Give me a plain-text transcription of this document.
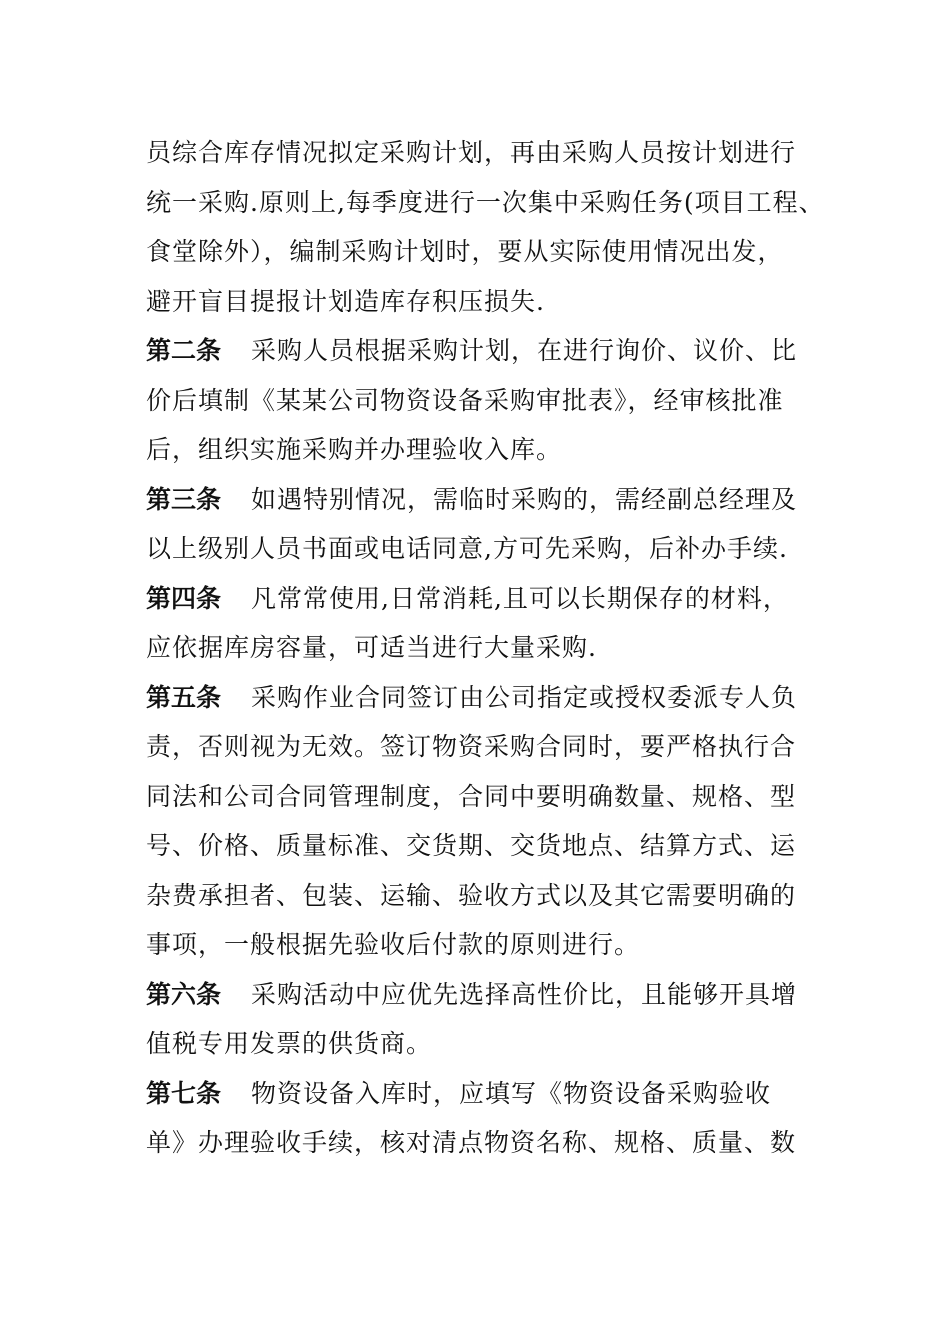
员综合库存情况拟定采购计划，再由采购人员按计划进行
统一采购.原则上,每季度进行一次集中采购任务(项目工程、
食堂除外），编制采购计划时，要从实际使用情况出发，
避开盲目提报计划造库存积压损失.
第二条 采购人员根据采购计划，在进行询价、议价、比
价后填制《某某公司物资设备采购审批表》，经审核批准
后，组织实施采购并办理验收入库。
第三条 如遇特别情况，需临时采购的，需经副总经理及
以上级别人员书面或电话同意,方可先采购，后补办手续.
第四条 凡常常使用,日常消耗,且可以长期保存的材料，
应依据库房容量，可适当进行大量采购.
第五条 采购作业合同签订由公司指定或授权委派专人负
责，否则视为无效。签订物资采购合同时，要严格执行合
同法和公司合同管理制度，合同中要明确数量、规格、型
号、价格、质量标准、交货期、交货地点、结算方式、运
杂费承担者、包装、运输、验收方式以及其它需要明确的
事项，一般根据先验收后付款的原则进行。
第六条 采购活动中应优先选择高性价比，且能够开具增
值税专用发票的供货商。
第七条 物资设备入库时，应填写《物资设备采购验收
单》办理验收手续，核对清点物资名称、规格、质量、数
